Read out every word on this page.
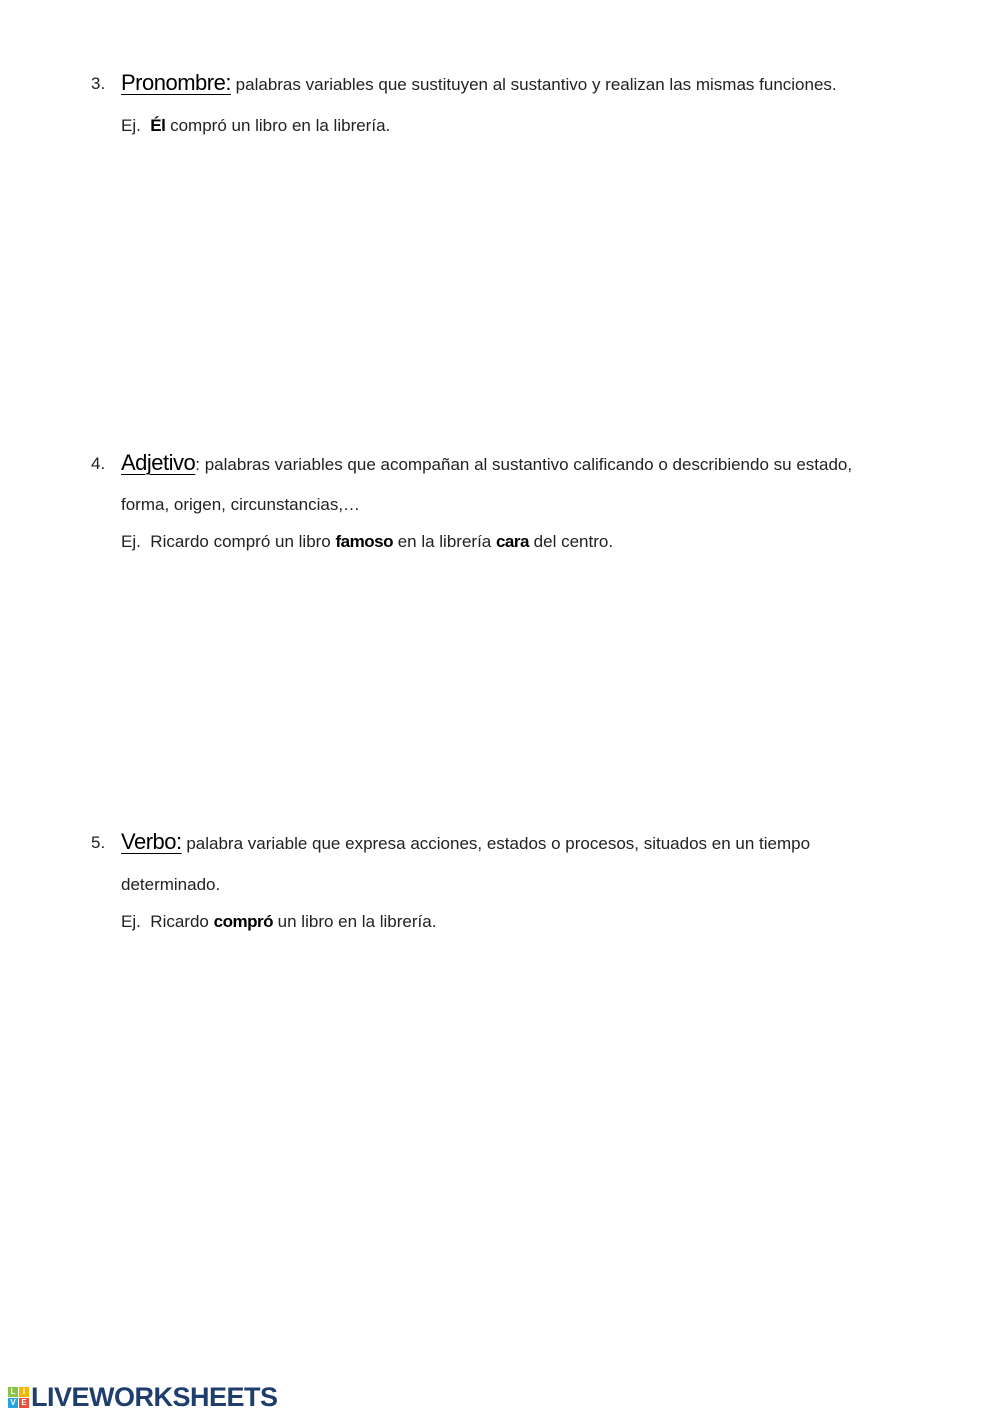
3. Pronombre: palabras variables que sustituyen al sustantivo y realizan las mismas funciones.
Ej.  Él compró un libro en la librería.
4. Adjetivo: palabras variables que acompañan al sustantivo calificando o describiendo su estado,
forma, origen, circunstancias,…
Ej.  Ricardo compró un libro famoso en la librería cara del centro.
5. Verbo: palabra variable que expresa acciones, estados o procesos, situados en un tiempo
determinado.
Ej.  Ricardo compró un libro en la librería.
L I
V E LIVEWORKSHEETS
